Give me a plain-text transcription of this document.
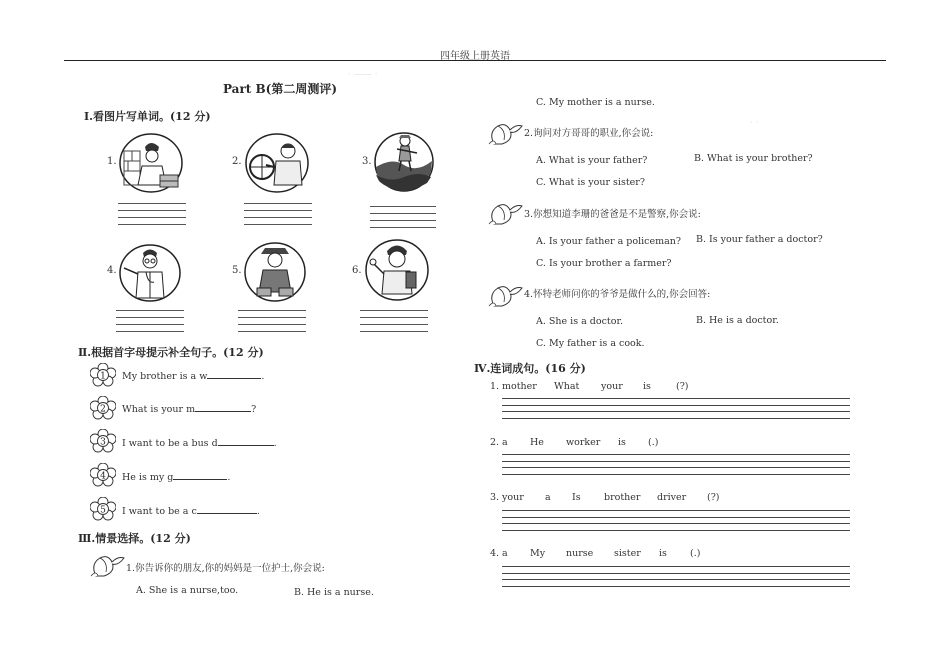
四年级上册英语
Part B(第二周测评)
· —— ·
· ·
Ⅰ.看图片写单词。(12 分)
1.	2.	3.
4.	5.	6.
Ⅱ.根据首字母提示补全句子。(12 分)
1 My brother is a w	.
2 What is your m	?
3 I want to be a bus d	.
4 He is my g	.
5 I want to be a c	.
Ⅲ.情景选择。(12 分)
1.你告诉你的朋友,你的妈妈是一位护士,你会说:
A. She is a nurse,too.	B. He is a nurse.
C. My mother is a nurse.
2.询问对方哥哥的职业,你会说:
A. What is your father?	B. What is your brother?
C. What is your sister?
3.你想知道李珊的爸爸是不是警察,你会说:
A. Is your father a policeman? B. Is your father a doctor?
C. Is your brother a farmer?
4.怀特老师问你的爷爷是做什么的,你会回答:
A. She is a doctor.	B. He is a doctor.
C. My father is a cook.
Ⅳ.连词成句。(16 分)
1. mother What your is	(?)
2. a He worker is (.)
3. your a Is brother driver (?)
4. a My nurse sister is (.)
